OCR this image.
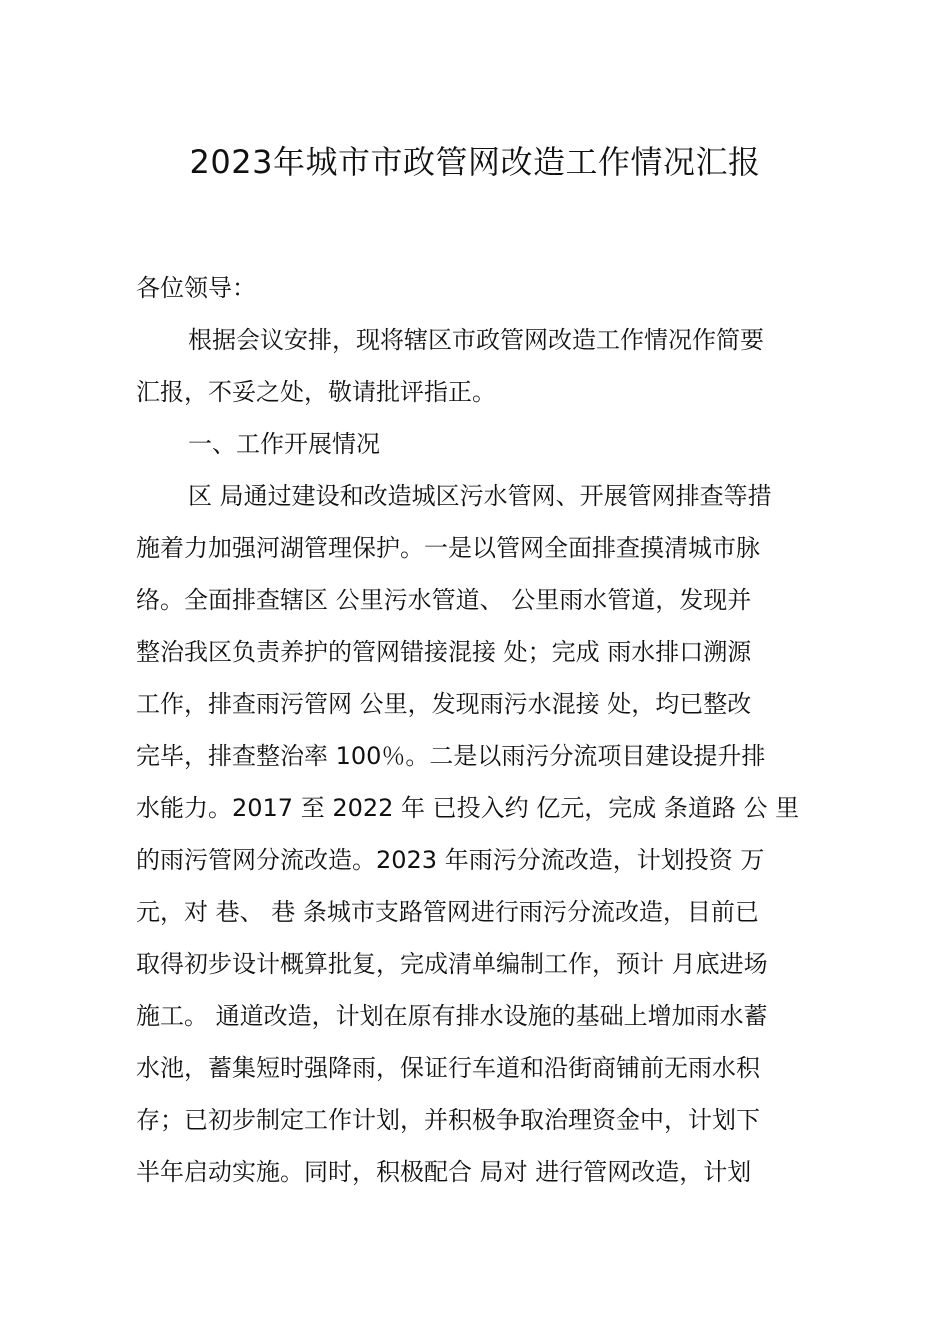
2023年城市市政管网改造工作情况汇报
各位领导：
根据会议安排，现将辖区市政管网改造工作情况作简要
汇报，不妥之处，敬请批评指正。
一、工作开展情况
区 局通过建设和改造城区污水管网、开展管网排查等措
施着力加强河湖管理保护。一是以管网全面排查摸清城市脉
络。全面排查辖区 公里污水管道、 公里雨水管道，发现并
整治我区负责养护的管网错接混接 处；完成 雨水排口溯源
工作，排查雨污管网 公里，发现雨污水混接 处，均已整改
完毕，排查整治率 100％。二是以雨污分流项目建设提升排
水能力。2017 至 2022 年 已投入约 亿元，完成 条道路 公 里
的雨污管网分流改造。2023 年雨污分流改造，计划投资 万
元，对 巷、 巷 条城市支路管网进行雨污分流改造，目前已
取得初步设计概算批复，完成清单编制工作，预计 月底进场
施工。 通道改造，计划在原有排水设施的基础上增加雨水蓄
水池，蓄集短时强降雨，保证行车道和沿街商铺前无雨水积
存；已初步制定工作计划，并积极争取治理资金中，计划下
半年启动实施。同时，积极配合 局对 进行管网改造，计划
